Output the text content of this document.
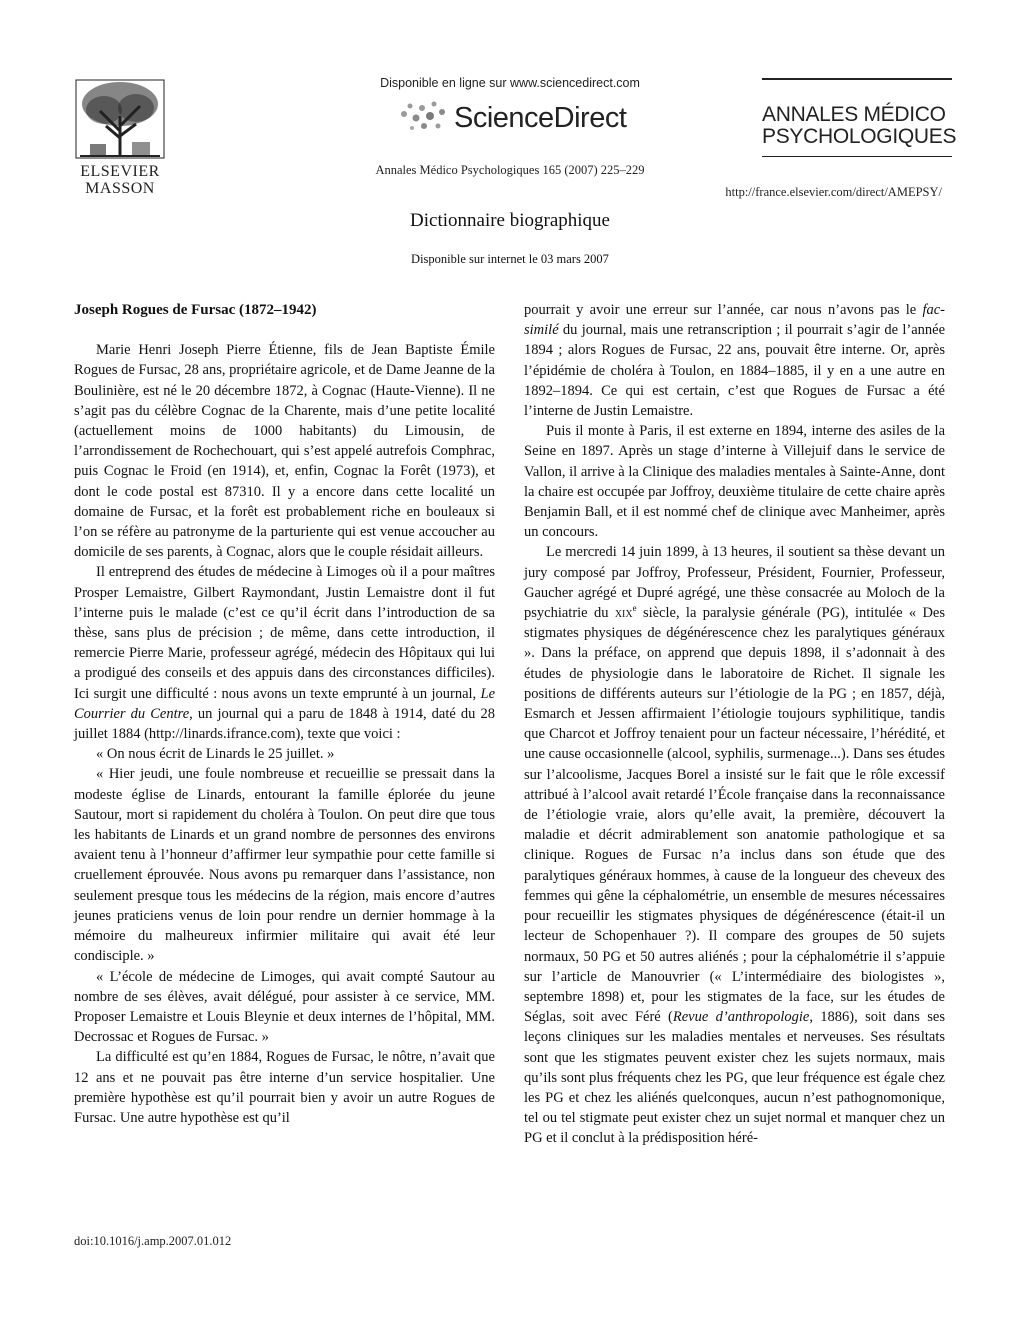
ELSEVIER
MASSON
Disponible en ligne sur www.sciencedirect.com
ScienceDirect
Annales Médico Psychologiques 165 (2007) 225–229
ANNALES MÉDICO
PSYCHOLOGIQUES
http://france.elsevier.com/direct/AMEPSY/
Dictionnaire biographique
Disponible sur internet le 03 mars 2007
Joseph Rogues de Fursac (1872–1942)

Marie Henri Joseph Pierre Étienne, fils de Jean Baptiste Émile Rogues de Fursac, 28 ans, propriétaire agricole, et de Dame Jeanne de la Boulinière, est né le 20 décembre 1872, à Cognac (Haute-Vienne). Il ne s’agit pas du célèbre Cognac de la Charente, mais d’une petite localité (actuellement moins de 1000 habitants) du Limousin, de l’arrondissement de Rochechouart, qui s’est appelé autrefois Comphrac, puis Cognac le Froid (en 1914), et, enfin, Cognac la Forêt (1973), et dont le code postal est 87310. Il y a encore dans cette localité un domaine de Fursac, et la forêt est probablement riche en bouleaux si l’on se réfère au patronyme de la parturiente qui est venue accoucher au domicile de ses parents, à Cognac, alors que le couple résidait ailleurs.

Il entreprend des études de médecine à Limoges où il a pour maîtres Prosper Lemaistre, Gilbert Raymondant, Justin Lemaistre dont il fut l’interne puis le malade (c’est ce qu’il écrit dans l’introduction de sa thèse, sans plus de précision ; de même, dans cette introduction, il remercie Pierre Marie, professeur agrégé, médecin des Hôpitaux qui lui a prodigué des conseils et des appuis dans des circonstances difficiles). Ici surgit une difficulté : nous avons un texte emprunté à un journal, Le Courrier du Centre, un journal qui a paru de 1848 à 1914, daté du 28 juillet 1884 (http://linards.ifrance.com), texte que voici :

« On nous écrit de Linards le 25 juillet. »

« Hier jeudi, une foule nombreuse et recueillie se pressait dans la modeste église de Linards, entourant la famille éplorée du jeune Sautour, mort si rapidement du choléra à Toulon. On peut dire que tous les habitants de Linards et un grand nombre de personnes des environs avaient tenu à l’honneur d’affirmer leur sympathie pour cette famille si cruellement éprouvée. Nous avons pu remarquer dans l’assistance, non seulement presque tous les médecins de la région, mais encore d’autres jeunes praticiens venus de loin pour rendre un dernier hommage à la mémoire du malheureux infirmier militaire qui avait été leur condisciple. »

« L’école de médecine de Limoges, qui avait compté Sautour au nombre de ses élèves, avait délégué, pour assister à ce service, MM. Proposer Lemaistre et Louis Bleynie et deux internes de l’hôpital, MM. Decrossac et Rogues de Fursac. »

La difficulté est qu’en 1884, Rogues de Fursac, le nôtre, n’avait que 12 ans et ne pouvait pas être interne d’un service hospitalier. Une première hypothèse est qu’il pourrait bien y avoir un autre Rogues de Fursac. Une autre hypothèse est qu’il

pourrait y avoir une erreur sur l’année, car nous n’avons pas le fac-similé du journal, mais une retranscription ; il pourrait s’agir de l’année 1894 ; alors Rogues de Fursac, 22 ans, pouvait être interne. Or, après l’épidémie de choléra à Toulon, en 1884–1885, il y en a une autre en 1892–1894. Ce qui est certain, c’est que Rogues de Fursac a été l’interne de Justin Lemaistre.

Puis il monte à Paris, il est externe en 1894, interne des asiles de la Seine en 1897. Après un stage d’interne à Villejuif dans le service de Vallon, il arrive à la Clinique des maladies mentales à Sainte-Anne, dont la chaire est occupée par Joffroy, deuxième titulaire de cette chaire après Benjamin Ball, et il est nommé chef de clinique avec Manheimer, après un concours.

Le mercredi 14 juin 1899, à 13 heures, il soutient sa thèse devant un jury composé par Joffroy, Professeur, Président, Fournier, Professeur, Gaucher agrégé et Dupré agrégé, une thèse consacrée au Moloch de la psychiatrie du xix$^e$ siècle, la paralysie générale (PG), intitulée « Des stigmates physiques de dégénérescence chez les paralytiques généraux ». Dans la préface, on apprend que depuis 1898, il s’adonnait à des études de physiologie dans le laboratoire de Richet. Il signale les positions de différents auteurs sur l’étiologie de la PG ; en 1857, déjà, Esmarch et Jessen affirmaient l’étiologie toujours syphilitique, tandis que Charcot et Joffroy tenaient pour un facteur nécessaire, l’hérédité, et une cause occasionnelle (alcool, syphilis, surmenage...). Dans ses études sur l’alcoolisme, Jacques Borel a insisté sur le fait que le rôle excessif attribué à l’alcool avait retardé l’École française dans la reconnaissance de l’étiologie vraie, alors qu’elle avait, la première, découvert la maladie et décrit admirablement son anatomie pathologique et sa clinique. Rogues de Fursac n’a inclus dans son étude que des paralytiques généraux hommes, à cause de la longueur des cheveux des femmes qui gêne la céphalométrie, un ensemble de mesures nécessaires pour recueillir les stigmates physiques de dégénérescence (était-il un lecteur de Schopenhauer ?). Il compare des groupes de 50 sujets normaux, 50 PG et 50 autres aliénés ; pour la céphalométrie il s’appuie sur l’article de Manouvrier (« L’intermédiaire des biologistes », septembre 1898) et, pour les stigmates de la face, sur les études de Séglas, soit avec Féré (Revue d’anthropologie, 1886), soit dans ses leçons cliniques sur les maladies mentales et nerveuses. Ses résultats sont que les stigmates peuvent exister chez les sujets normaux, mais qu’ils sont plus fréquents chez les PG, que leur fréquence est égale chez les PG et chez les aliénés quelconques, aucun n’est pathognomonique, tel ou tel stigmate peut exister chez un sujet normal et manquer chez un PG et il conclut à la prédisposition héré-

doi:10.1016/j.amp.2007.01.012
